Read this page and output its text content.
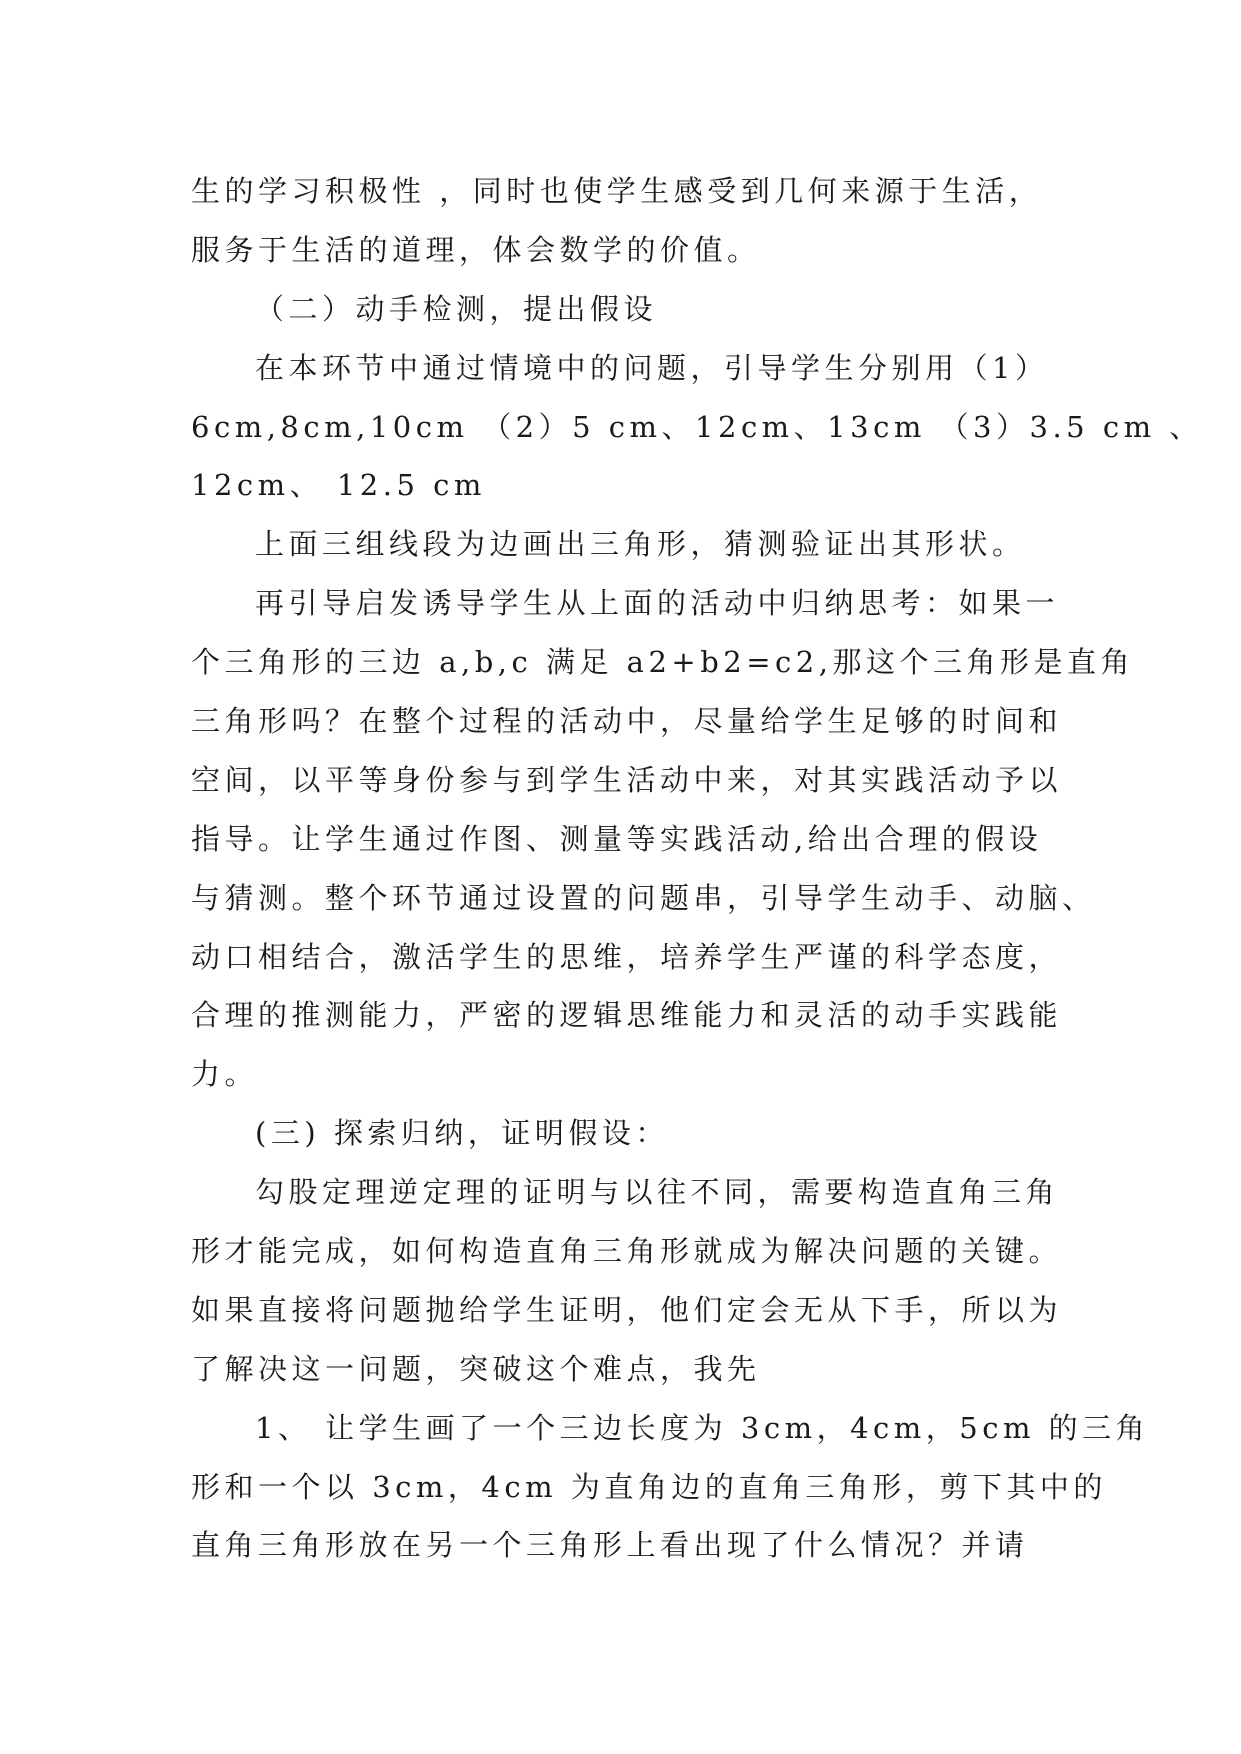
生的学习积极性 ，同时也使学生感受到几何来源于生活，
服务于生活的道理，体会数学的价值。
（二）动手检测，提出假设
在本环节中通过情境中的问题，引导学生分别用（1）
6cm,8cm,10cm （2）5 cm、12cm、13cm （3）3.5 cm 、
12cm、 12.5 cm
上面三组线段为边画出三角形，猜测验证出其形状。
再引导启发诱导学生从上面的活动中归纳思考：如果一
个三角形的三边 a,b,c 满足 a2+b2=c2,那这个三角形是直角
三角形吗？在整个过程的活动中，尽量给学生足够的时间和
空间，以平等身份参与到学生活动中来，对其实践活动予以
指导。让学生通过作图、测量等实践活动,给出合理的假设
与猜测。整个环节通过设置的问题串，引导学生动手、动脑、
动口相结合，激活学生的思维，培养学生严谨的科学态度，
合理的推测能力，严密的逻辑思维能力和灵活的动手实践能
力。
(三) 探索归纳，证明假设：
勾股定理逆定理的证明与以往不同，需要构造直角三角
形才能完成，如何构造直角三角形就成为解决问题的关键。
如果直接将问题抛给学生证明，他们定会无从下手，所以为
了解决这一问题，突破这个难点，我先
1、 让学生画了一个三边长度为 3cm，4cm，5cm 的三角
形和一个以 3cm，4cm 为直角边的直角三角形，剪下其中的
直角三角形放在另一个三角形上看出现了什么情况？并请
